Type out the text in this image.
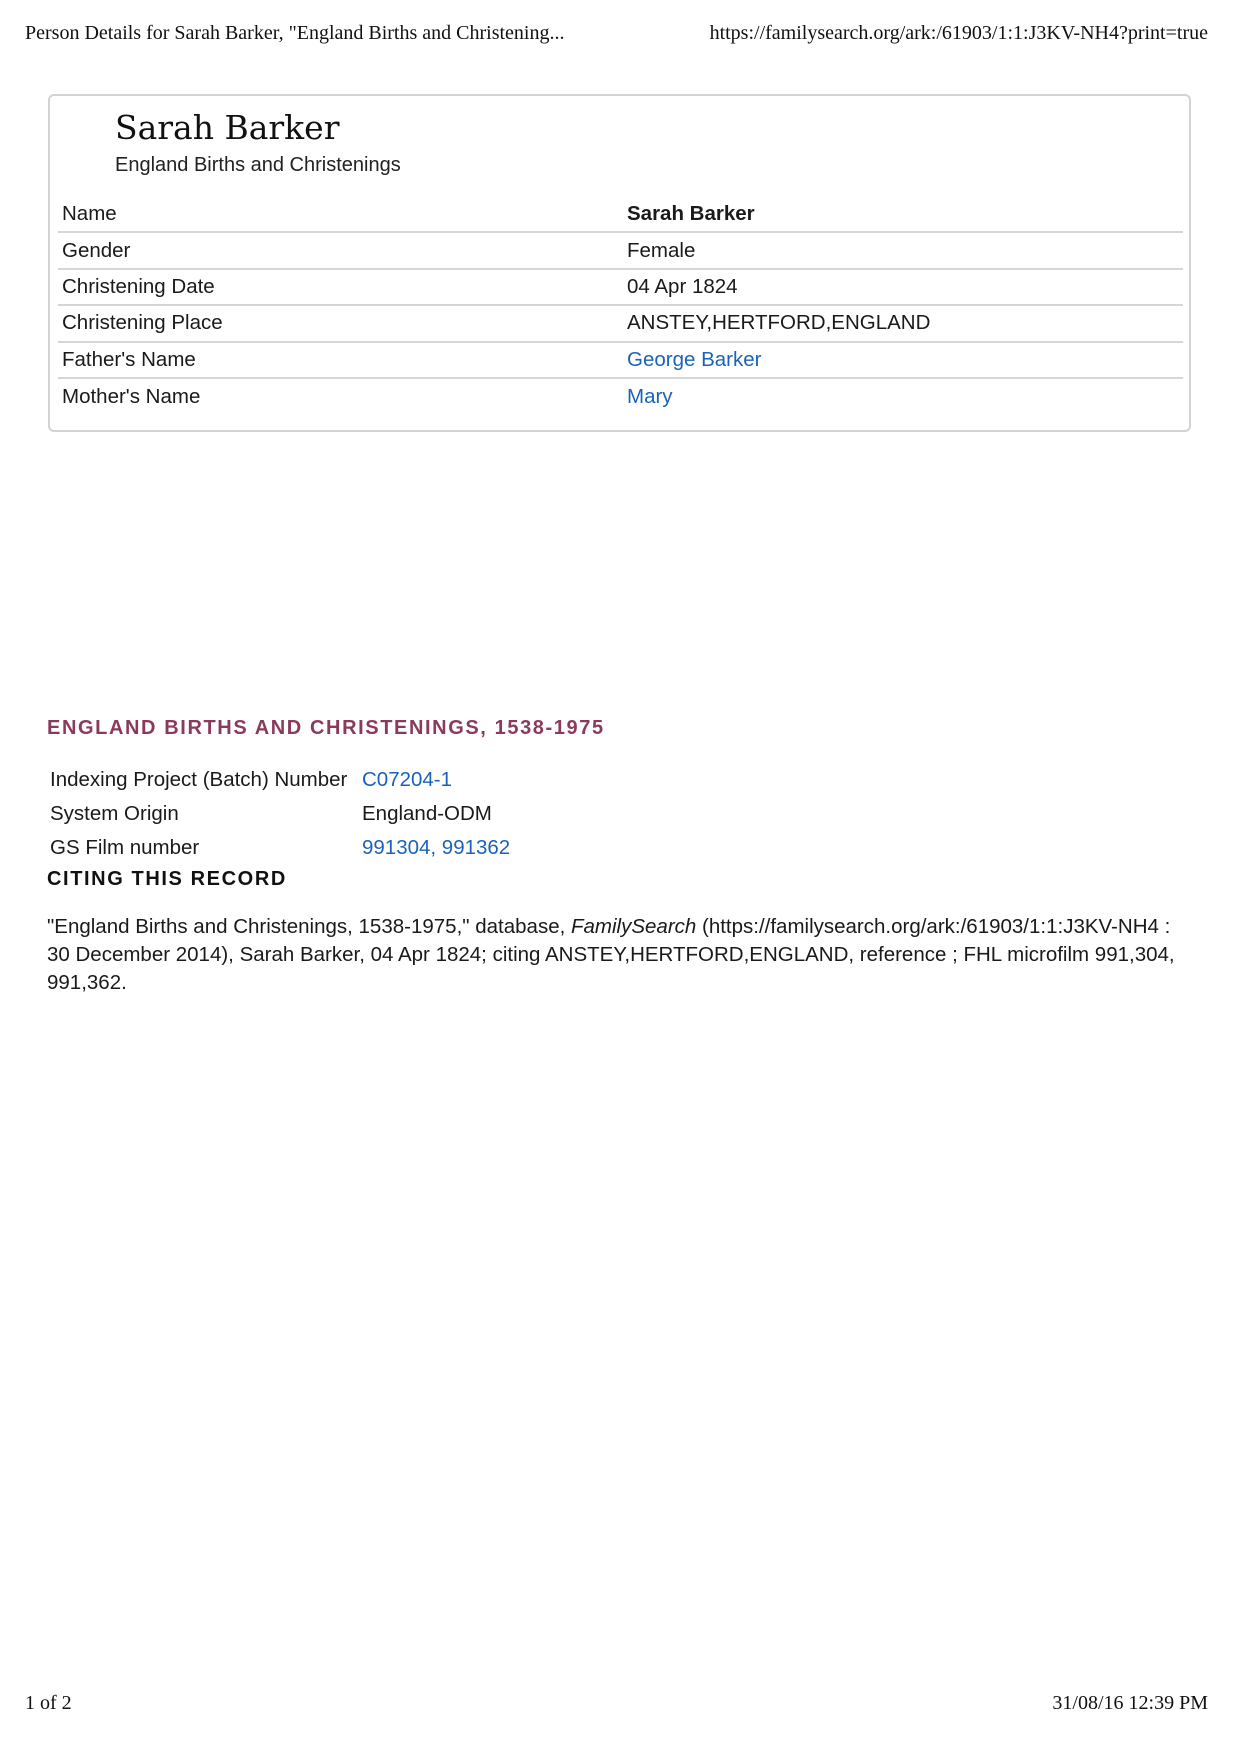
Person Details for Sarah Barker, "England Births and Christening...	https://familysearch.org/ark:/61903/1:1:J3KV-NH4?print=true
Sarah Barker
England Births and Christenings
Name	Sarah Barker
Gender	Female
Christening Date	04 Apr 1824
Christening Place	ANSTEY,HERTFORD,ENGLAND
Father's Name	George Barker
Mother's Name	Mary
ENGLAND BIRTHS AND CHRISTENINGS, 1538-1975
Indexing Project (Batch) Number	C07204-1
System Origin	England-ODM
GS Film number	991304, 991362
CITING THIS RECORD

"England Births and Christenings, 1538-1975," database, FamilySearch (https://familysearch.org/ark:/61903/1:1:J3KV-NH4 : 30 December 2014), Sarah Barker, 04 Apr 1824; citing ANSTEY,HERTFORD,ENGLAND, reference ; FHL microfilm 991,304, 991,362.

1 of 2	31/08/16 12:39 PM
